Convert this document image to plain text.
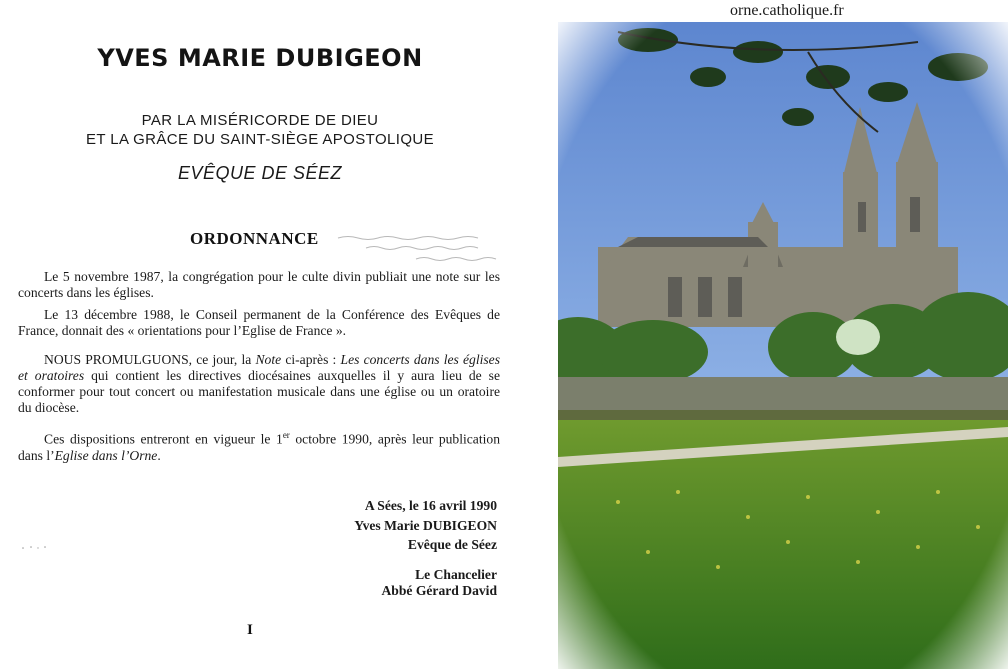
YVES MARIE DUBIGEON
PAR LA MISÉRICORDE DE DIEU
ET LA GRÂCE DU SAINT-SIÈGE APOSTOLIQUE
EVÊQUE DE SÉEZ
ORDONNANCE

Le 5 novembre 1987, la congrégation pour le culte divin publiait une note sur les concerts dans les églises.

Le 13 décembre 1988, le Conseil permanent de la Conférence des Evêques de France, donnait des « orientations pour l’Eglise de France ».

NOUS PROMULGUONS, ce jour, la Note ci-après : Les concerts dans les églises et oratoires qui contient les directives diocésaines auxquelles il y aura lieu de se conformer pour tout concert ou manifestation musicale dans une église ou un oratoire du diocèse.

Ces dispositions entreront en vigueur le 1er octobre 1990, après leur publication dans l’Eglise dans l’Orne.

A Sées, le 16 avril 1990
Yves Marie DUBIGEON
Evêque de Séez
Le Chancelier
Abbé Gérard David
I
orne.catholique.fr
